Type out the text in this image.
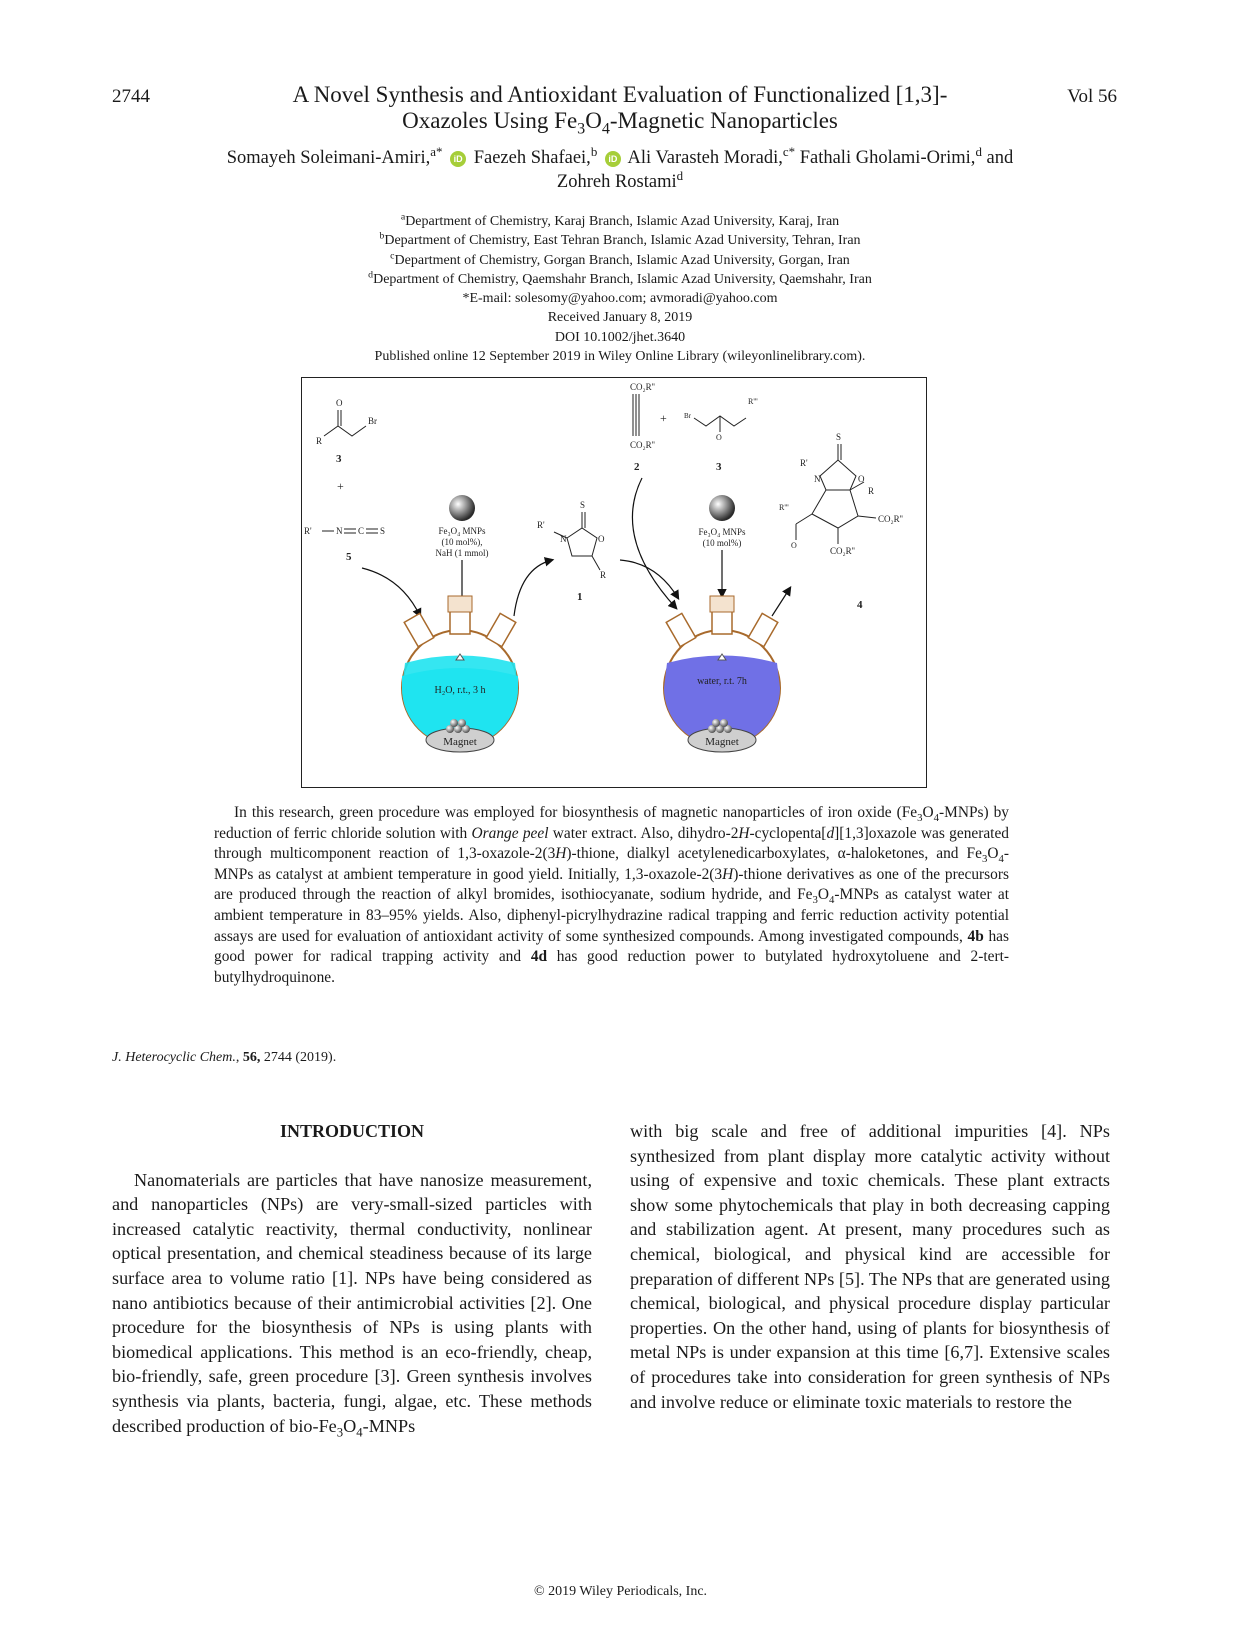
2744	Vol 56
A Novel Synthesis and Antioxidant Evaluation of Functionalized [1,3]-
Oxazoles Using $Fe_3O_4$-Magnetic Nanoparticles
Somayeh Soleimani-Amiri,$^{a*}$ iD Faezeh Shafaei,$^b$ iD Ali Varasteh Moradi,$^{c*}$ Fathali Gholami-Orimi,$^d$ and
Zohreh Rostami$^d$
$^a$Department of Chemistry, Karaj Branch, Islamic Azad University, Karaj, Iran
$^b$Department of Chemistry, East Tehran Branch, Islamic Azad University, Tehran, Iran
$^c$Department of Chemistry, Gorgan Branch, Islamic Azad University, Gorgan, Iran
$^d$Department of Chemistry, Qaemshahr Branch, Islamic Azad University, Qaemshahr, Iran
*E-mail: solesomy@yahoo.com; avmoradi@yahoo.com
Received January 8, 2019
DOI 10.1002/jhet.3640
Published online 12 September 2019 in Wiley Online Library (wileyonlinelibrary.com).
O
Br
R
3
+
R'	N C S
5
Fe₃O₄ MNPs
(10 mol%),
NaH (1 mmol)
S
N	O
R'
R
1
CO₂R''
CO₂R''
2
+ Br
R'''
O
3
Fe₃O₄ MNPs
(10 mol%)
S
R'
N	O
R
R'''
O
CO₂R''
CO₂R''
4
H₂O, r.t., 3 h
Magnet
water, r.t. 7h
Magnet
In this research, green procedure was employed for biosynthesis of magnetic nanoparticles of iron oxide $(Fe_3O_4-MNPs)$ by reduction of ferric chloride solution with Orange peel water extract. Also, dihydro-2H-cyclopenta[d][1,3]oxazole was generated through multicomponent reaction of 1,3-oxazole-2(3H)-thione, dialkyl acetylenedicarboxylates, α-haloketones, and $Fe_3O_4$-MNPs as catalyst at ambient temperature in good yield. Initially, 1,3-oxazole-2(3H)-thione derivatives as one of the precursors are produced through the reaction of alkyl bromides, isothiocyanate, sodium hydride, and $Fe_3O_4$-MNPs as catalyst water at ambient temperature in 83–95% yields. Also, diphenyl-picrylhydrazine radical trapping and ferric reduction activity potential assays are used for evaluation of antioxidant activity of some synthesized compounds. Among investigated compounds, 4b has good power for radical trapping activity and 4d has good reduction power to butylated hydroxytoluene and 2-tert-butylhydroquinone.
J. Heterocyclic Chem., 56, 2744 (2019).
INTRODUCTION

Nanomaterials are particles that have nanosize measurement, and nanoparticles (NPs) are very-small-sized particles with increased catalytic reactivity, thermal conductivity, nonlinear optical presentation, and chemical steadiness because of its large surface area to volume ratio [1]. NPs have being considered as nano antibiotics because of their antimicrobial activities [2]. One procedure for the biosynthesis of NPs is using plants with biomedical applications. This method is an eco-friendly, cheap, bio-friendly, safe, green procedure [3]. Green synthesis involves synthesis via plants, bacteria, fungi, algae, etc. These methods described production of bio-$Fe_3O_4$-MNPs

with big scale and free of additional impurities [4]. NPs synthesized from plant display more catalytic activity without using of expensive and toxic chemicals. These plant extracts show some phytochemicals that play in both decreasing capping and stabilization agent. At present, many procedures such as chemical, biological, and physical kind are accessible for preparation of different NPs [5]. The NPs that are generated using chemical, biological, and physical procedure display particular properties. On the other hand, using of plants for biosynthesis of metal NPs is under expansion at this time [6,7]. Extensive scales of procedures take into consideration for green synthesis of NPs and involve reduce or eliminate toxic materials to restore the

© 2019 Wiley Periodicals, Inc.
